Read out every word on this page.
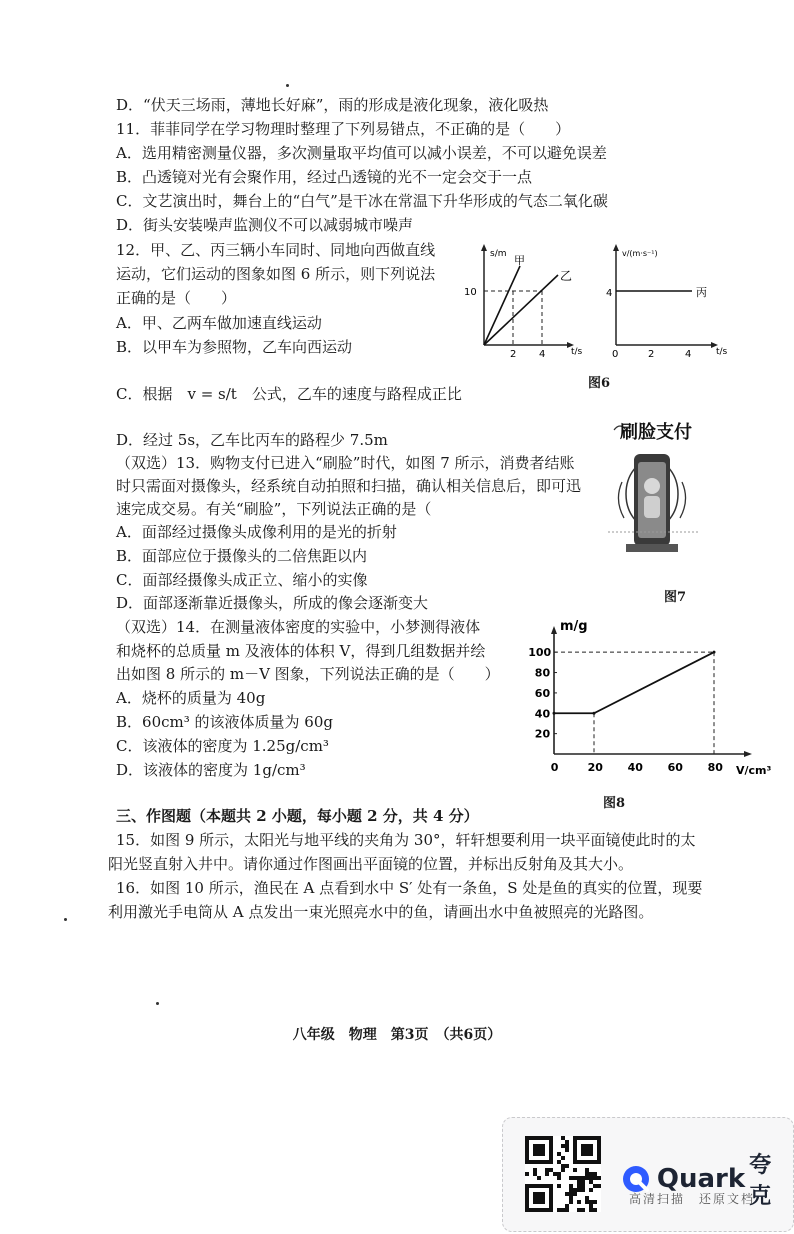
D．“伏天三场雨，薄地长好麻”，雨的形成是液化现象，液化吸热
11．菲菲同学在学习物理时整理了下列易错点，不正确的是（　　）
A．选用精密测量仪器，多次测量取平均值可以减小误差，不可以避免误差
B．凸透镜对光有会聚作用，经过凸透镜的光不一定会交于一点
C．文艺演出时，舞台上的“白气”是干冰在常温下升华形成的气态二氧化碳
D．街头安装噪声监测仪不可以减弱城市噪声
12．甲、乙、丙三辆小车同时、同地向西做直线
运动，它们运动的图象如图 6 所示，则下列说法
正确的是（　　）
A．甲、乙两车做加速直线运动
B．以甲车为参照物，乙车向西运动
C．根据　v = s/t　公式，乙车的速度与路程成正比
D．经过 5s，乙车比丙车的路程少 7.5m
（双选）13．购物支付已进入“刷脸”时代，如图 7 所示，消费者结账
时只需面对摄像头，经系统自动拍照和扫描，确认相关信息后，即可迅
速完成交易。有关“刷脸”，下列说法正确的是（
A．面部经过摄像头成像利用的是光的折射
B．面部应位于摄像头的二倍焦距以内
C．面部经摄像头成正立、缩小的实像
D．面部逐渐靠近摄像头，所成的像会逐渐变大
（双选）14．在测量液体密度的实验中，小梦测得液体
和烧杯的总质量 m 及液体的体积 V，得到几组数据并绘
出如图 8 所示的 m－V 图象，下列说法正确的是（　　）
A．烧杯的质量为 40g
B．60cm³ 的该液体质量为 60g
C．该液体的密度为 1.25g/cm³
D．该液体的密度为 1g/cm³
三、作图题（本题共 2 小题，每小题 2 分，共 4 分）
15．如图 9 所示，太阳光与地平线的夹角为 30°，轩轩想要利用一块平面镜使此时的太
阳光竖直射入井中。请你通过作图画出平面镜的位置，并标出反射角及其大小。
16．如图 10 所示，渔民在 A 点看到水中 S′ 处有一条鱼，S 处是鱼的真实的位置，现要
利用激光手电筒从 A 点发出一束光照亮水中的鱼，请画出水中鱼被照亮的光路图。
s/m
t/s
10
2 4
甲
乙
v/(m·s⁻¹)
t/s
4
0	2	4
丙
图6
刷脸支付
图7
0	20 40 60 80
20
40
60
80
100
m/g
V/cm³
图8
八年级　物理　第3页　（共6页）
Quark 夸克
高清扫描　还原文档
